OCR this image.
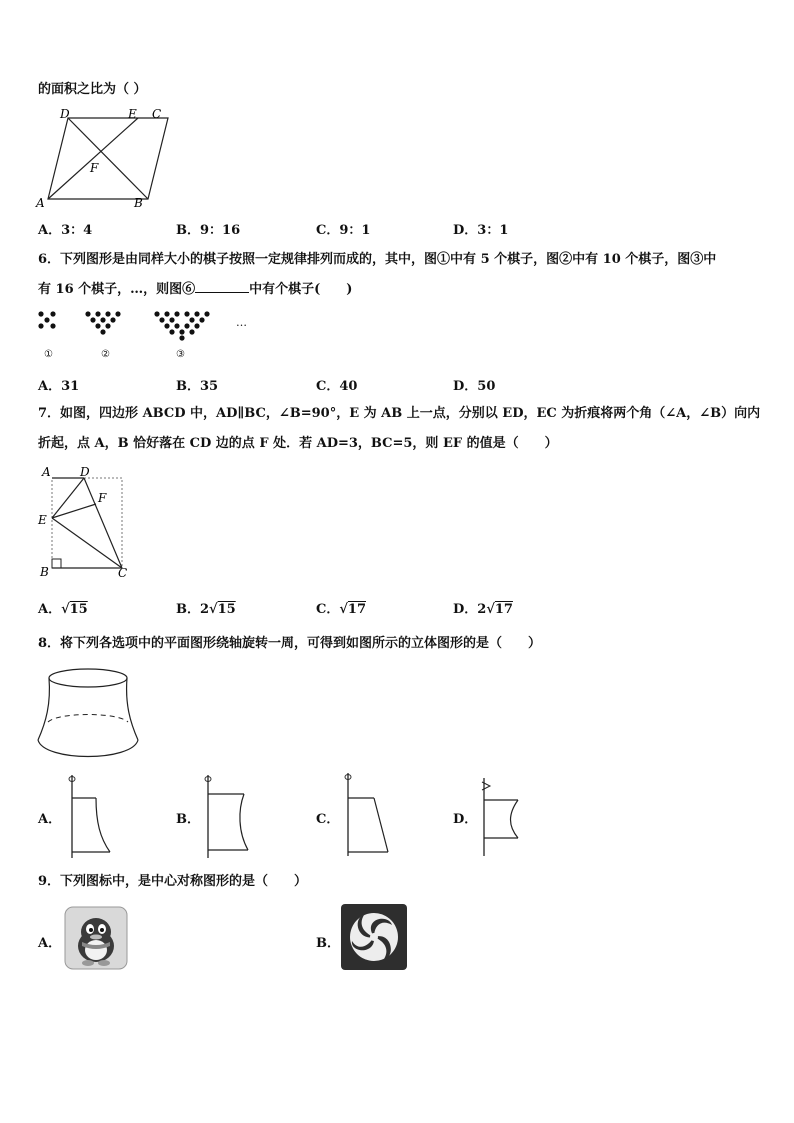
的面积之比为（ ）
D	E C
F
A	B
A．3：4	B．9：16	C．9：1	D．3：1
6．下列图形是由同样大小的棋子按照一定规律排列而成的，其中，图①中有 5 个棋子，图②中有 10 个棋子，图③中
有 16 个棋子，…，则图⑥	中有个棋子(　　)
…
①	②	③
A．31	B．35	C．40	D．50
7．如图，四边形 ABCD 中，AD∥BC，∠B=90°，E 为 AB 上一点，分别以 ED，EC 为折痕将两个角（∠A，∠B）向内
折起，点 A，B 恰好落在 CD 边的点 F 处．若 AD=3，BC=5，则 EF 的值是（　　）
A D
F
E
B	C
A．√15	B．2√15	C．√17	D．2√17
8．将下列各选项中的平面图形绕轴旋转一周，可得到如图所示的立体图形的是（　　）
A．	B．	C．	D．
9．下列图标中，是中心对称图形的是（　　）
A．	B．
